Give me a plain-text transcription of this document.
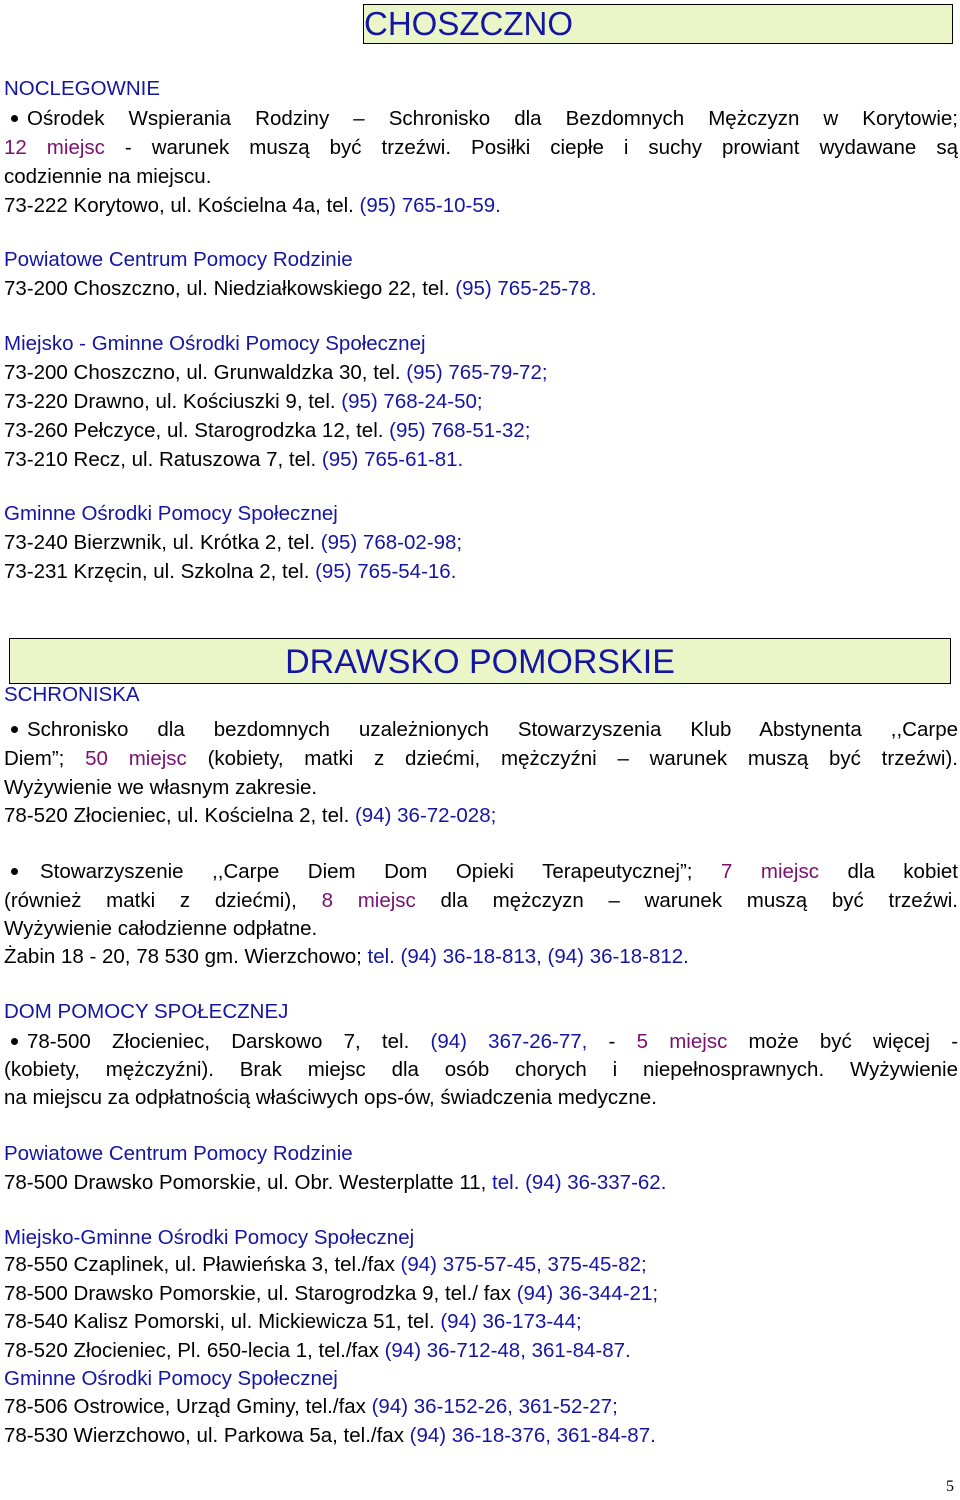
CHOSZCZNO
NOCLEGOWNIE
Ośrodek Wspierania Rodziny – Schronisko dla Bezdomnych Mężczyzn w Korytowie;
12 miejsc - warunek muszą być trzeźwi. Posiłki ciepłe i suchy prowiant wydawane są
codziennie na miejscu.
73-222 Korytowo, ul. Kościelna 4a, tel. (95) 765-10-59.
Powiatowe Centrum Pomocy Rodzinie
73-200 Choszczno, ul. Niedziałkowskiego 22, tel. (95) 765-25-78.
Miejsko - Gminne Ośrodki Pomocy Społecznej
73-200 Choszczno, ul. Grunwaldzka 30, tel. (95) 765-79-72;
73-220 Drawno, ul. Kościuszki 9, tel. (95) 768-24-50;
73-260 Pełczyce, ul. Starogrodzka 12, tel. (95) 768-51-32;
73-210 Recz, ul. Ratuszowa 7, tel. (95) 765-61-81.
Gminne Ośrodki Pomocy Społecznej
73-240 Bierzwnik, ul. Krótka 2, tel. (95) 768-02-98;
73-231 Krzęcin, ul. Szkolna 2, tel. (95) 765-54-16.
DRAWSKO POMORSKIE
SCHRONISKA
Schronisko dla bezdomnych uzależnionych Stowarzyszenia Klub Abstynenta ,,Carpe
Diem”; 50 miejsc (kobiety, matki z dziećmi, mężczyźni – warunek muszą być trzeźwi).
Wyżywienie we własnym zakresie.
78-520 Złocieniec, ul. Kościelna 2, tel. (94) 36-72-028;
Stowarzyszenie ,,Carpe Diem Dom Opieki Terapeutycznej”; 7 miejsc dla kobiet
(również matki z dziećmi), 8 miejsc dla mężczyzn – warunek muszą być trzeźwi.
Wyżywienie całodzienne odpłatne.
Żabin 18 - 20, 78 530 gm. Wierzchowo; tel. (94) 36-18-813, (94) 36-18-812.
DOM POMOCY SPOŁECZNEJ
78-500 Złocieniec, Darskowo 7, tel. (94) 367-26-77, - 5 miejsc może być więcej -
(kobiety, mężczyźni). Brak miejsc dla osób chorych i niepełnosprawnych. Wyżywienie
na miejscu za odpłatnością właściwych ops-ów, świadczenia medyczne.
Powiatowe Centrum Pomocy Rodzinie
78-500 Drawsko Pomorskie, ul. Obr. Westerplatte 11, tel. (94) 36-337-62.
Miejsko-Gminne Ośrodki Pomocy Społecznej
78-550 Czaplinek, ul. Pławieńska 3, tel./fax (94) 375-57-45, 375-45-82;
78-500 Drawsko Pomorskie, ul. Starogrodzka 9, tel./ fax (94) 36-344-21;
78-540 Kalisz Pomorski, ul. Mickiewicza 51, tel. (94) 36-173-44;
78-520 Złocieniec, Pl. 650-lecia 1, tel./fax (94) 36-712-48, 361-84-87.
Gminne Ośrodki Pomocy Społecznej
78-506 Ostrowice, Urząd Gminy, tel./fax (94) 36-152-26, 361-52-27;
78-530 Wierzchowo, ul. Parkowa 5a, tel./fax (94) 36-18-376, 361-84-87.
5
